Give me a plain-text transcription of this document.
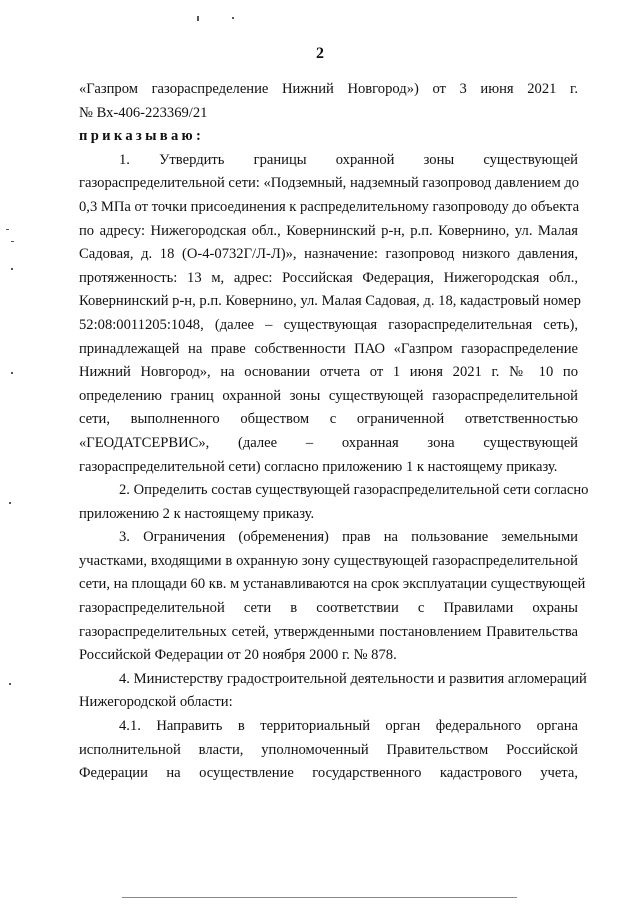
2
«Газпром газораспределение Нижний Новгород») от 3 июня 2021 г.
№ Вх-406-223369/21
приказываю:
1. Утвердить границы охранной зоны существующей
газораспределительной сети: «Подземный, надземный газопровод давлением до
0,3 МПа от точки присоединения к распределительному газопроводу до объекта
по адресу: Нижегородская обл., Ковернинский р-н, р.п. Ковернино, ул. Малая
Садовая, д. 18 (О-4-0732Г/Л-Л)», назначение: газопровод низкого давления,
протяженность: 13 м, адрес: Российская Федерация, Нижегородская обл.,
Ковернинский р-н, р.п. Ковернино, ул. Малая Садовая, д. 18, кадастровый номер
52:08:0011205:1048, (далее – существующая газораспределительная сеть),
принадлежащей на праве собственности ПАО «Газпром газораспределение
Нижний Новгород», на основании отчета от 1 июня 2021 г. № 10 по
определению границ охранной зоны существующей газораспределительной
сети, выполненного обществом с ограниченной ответственностью
«ГЕОДАТСЕРВИС», (далее – охранная зона существующей
газораспределительной сети) согласно приложению 1 к настоящему приказу.
2. Определить состав существующей газораспределительной сети согласно
приложению 2 к настоящему приказу.
3. Ограничения (обременения) прав на пользование земельными
участками, входящими в охранную зону существующей газораспределительной
сети, на площади 60 кв. м устанавливаются на срок эксплуатации существующей
газораспределительной сети в соответствии с Правилами охраны
газораспределительных сетей, утвержденными постановлением Правительства
Российской Федерации от 20 ноября 2000 г. № 878.
4. Министерству градостроительной деятельности и развития агломераций
Нижегородской области:
4.1. Направить в территориальный орган федерального органа
исполнительной власти, уполномоченный Правительством Российской
Федерации на осуществление государственного кадастрового учета,
